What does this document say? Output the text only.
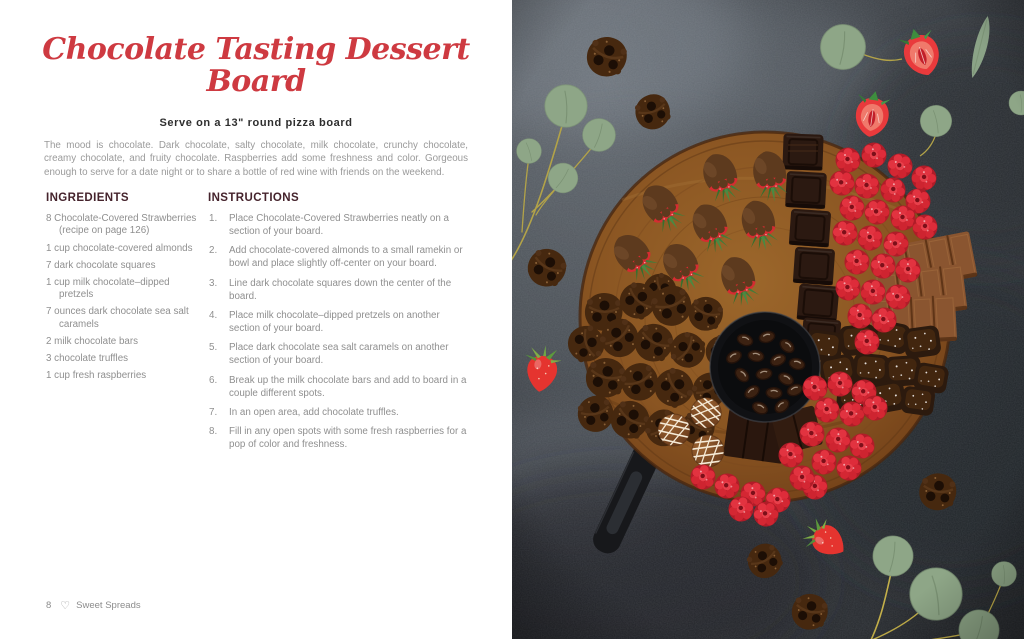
Chocolate Tasting Dessert Board
Serve on a 13" round pizza board

The mood is chocolate. Dark chocolate, salty chocolate, milk chocolate, crunchy chocolate, creamy chocolate, and fruity chocolate. Raspberries add some freshness and color. Gorgeous enough to serve for a date night or to share a bottle of red wine with friends on the weekend.

INGREDIENTS
8 Chocolate-Covered Strawberries (recipe on page 126)
1 cup chocolate-covered almonds
7 dark chocolate squares
1 cup milk chocolate–dipped pretzels
7 ounces dark chocolate sea salt caramels
2 milk chocolate bars
3 chocolate truffles
1 cup fresh raspberries
INSTRUCTIONS
Place Chocolate-Covered Strawberries neatly on a section of your board.
Add chocolate-covered almonds to a small ramekin or bowl and place slightly off-center on your board.
Line dark chocolate squares down the center of the board.
Place milk chocolate–dipped pretzels on another section of your board.
Place dark chocolate sea salt caramels on another section of your board.
Break up the milk chocolate bars and add to board in a couple different spots.
In an open area, add chocolate truffles.
Fill in any open spots with some fresh raspberries for a pop of color and freshness.
8 ♡ Sweet Spreads
